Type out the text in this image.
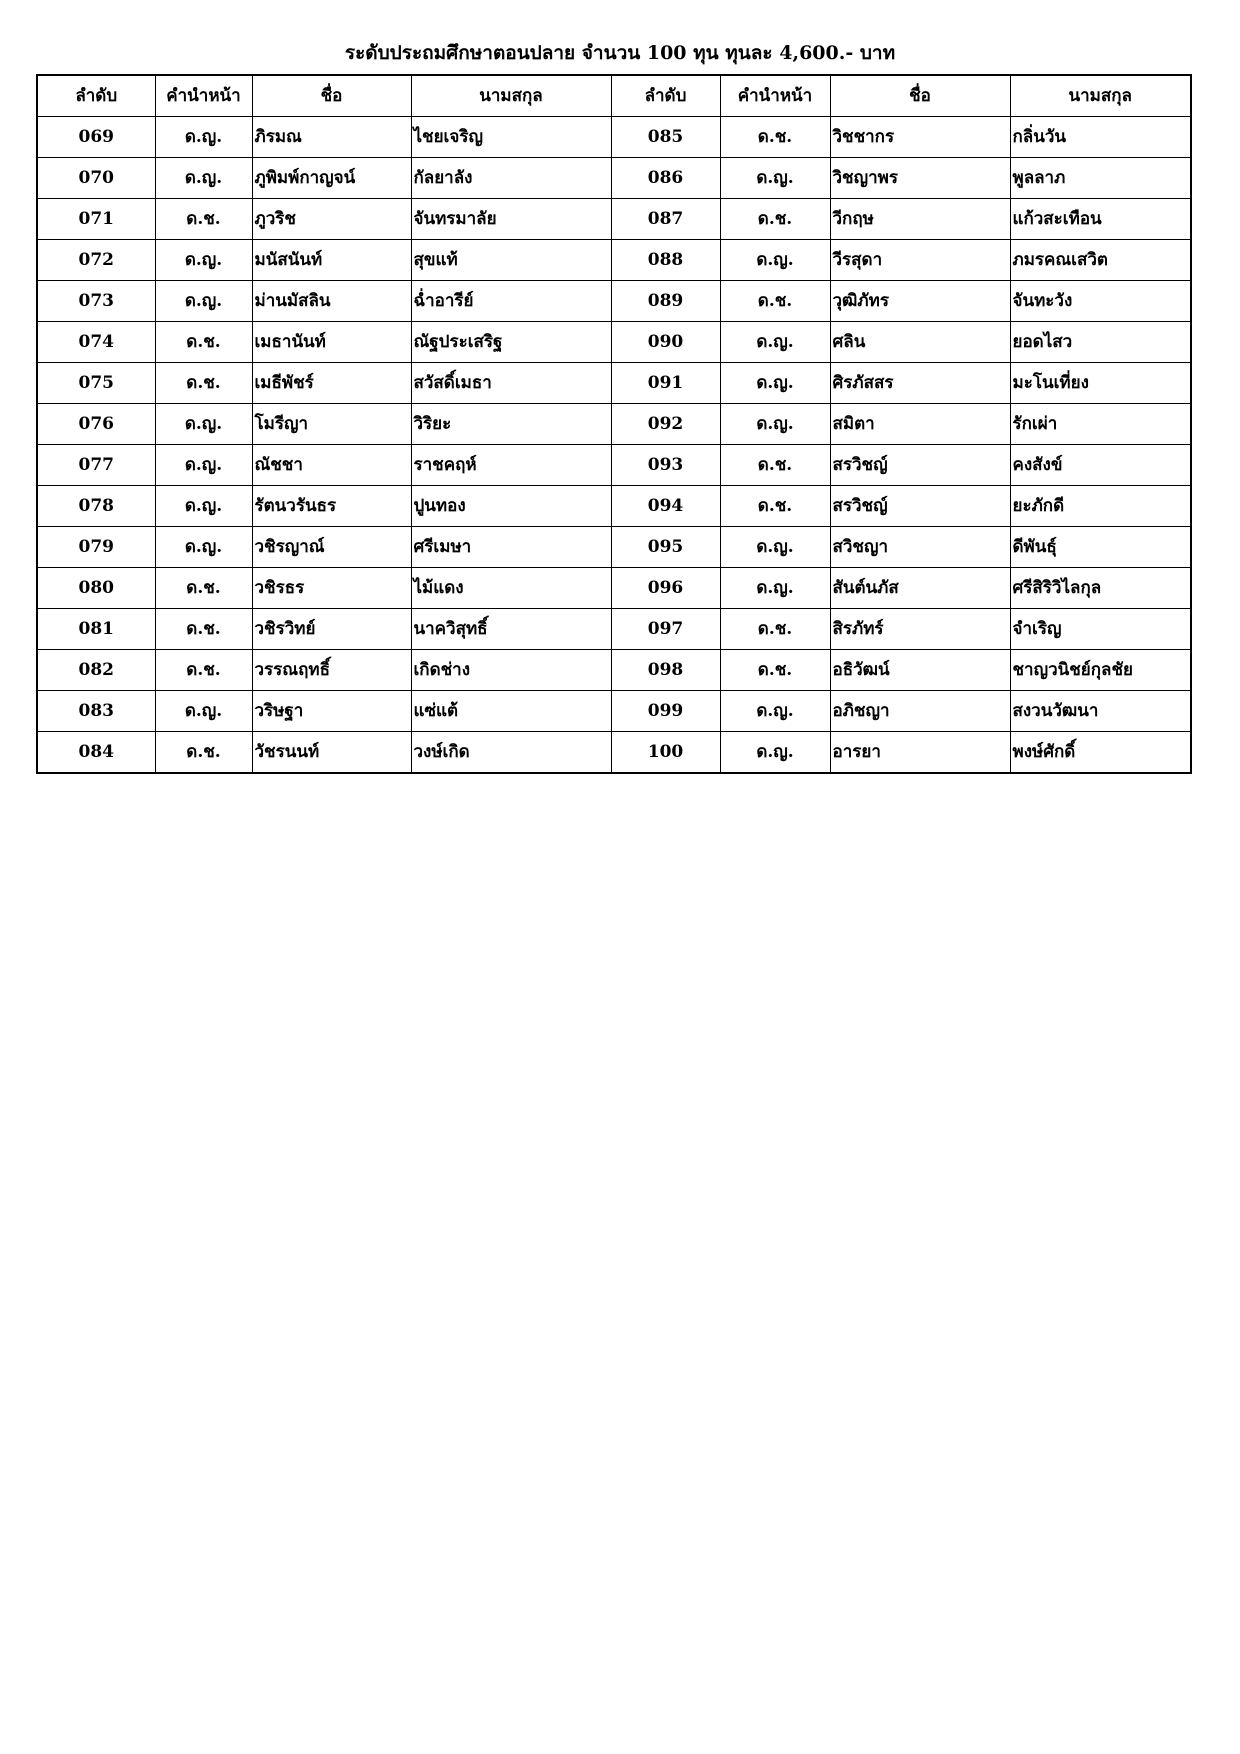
ระดับประถมศึกษาตอนปลาย จำนวน 100 ทุน ทุนละ 4,600.- บาท
ลำดับ	คำนำหน้า	ชื่อ	นามสกุล	ลำดับ	คำนำหน้า	ชื่อ	นามสกุล
069	ด.ญ.	ภิรมณ	ไชยเจริญ	085	ด.ช.	วิชชากร	กลิ่นวัน
070	ด.ญ.	ภูพิมพ์กาญจน์	กัลยาลัง	086	ด.ญ.	วิชญาพร	พูลลาภ
071	ด.ช.	ภูวริช	จันทรมาลัย	087	ด.ช.	วีกฤษ	แก้วสะเทือน
072	ด.ญ.	มนัสนันท์	สุขแท้	088	ด.ญ.	วีรสุดา	ภมรคณเสวิต
073	ด.ญ.	ม่านมัสลิน	ฉ่ำอารีย์	089	ด.ช.	วุฒิภัทร	จันทะวัง
074	ด.ช.	เมธานันท์	ณัฐประเสริฐ	090	ด.ญ.	ศลิน	ยอดไสว
075	ด.ช.	เมธีพัชร์	สวัสดิ์เมธา	091	ด.ญ.	ศิรภัสสร	มะโนเที่ยง
076	ด.ญ.	โมรีญา	วิริยะ	092	ด.ญ.	สมิตา	รักเผ่า
077	ด.ญ.	ณัชชา	ราชคฤห์	093	ด.ช.	สรวิชญ์	คงสังข์
078	ด.ญ.	รัตนวรันธร	ปูนทอง	094	ด.ช.	สรวิชญ์	ยะภักดี
079	ด.ญ.	วชิรญาณ์	ศรีเมษา	095	ด.ญ.	สวิชญา	ดีพันธุ์
080	ด.ช.	วชิรธร	ไม้แดง	096	ด.ญ.	สันต์นภัส	ศรีสิริวิไลกุล
081	ด.ช.	วชิรวิทย์	นาควิสุทธิ์	097	ด.ช.	สิรภัทร์	จำเริญ
082	ด.ช.	วรรณฤทธิ์	เกิดช่าง	098	ด.ช.	อธิวัฒน์	ชาญวนิชย์กุลชัย
083	ด.ญ.	วริษฐา	แซ่แต้	099	ด.ญ.	อภิชญา	สงวนวัฒนา
084	ด.ช.	วัชรนนท์	วงษ์เกิด	100	ด.ญ.	อารยา	พงษ์ศักดิ์
